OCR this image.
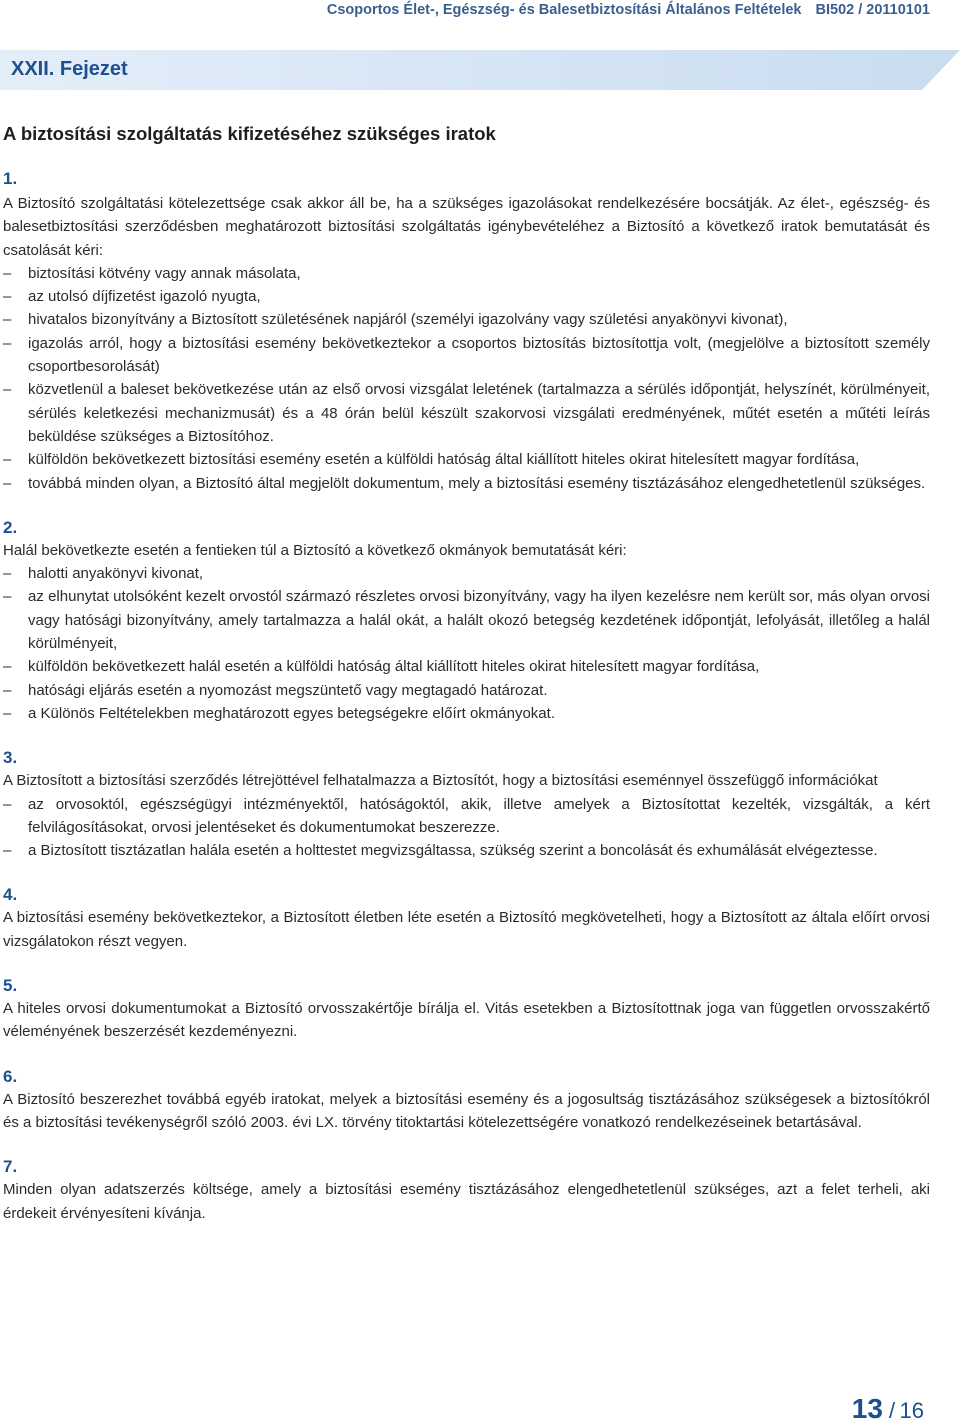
Csoportos Élet-, Egészség- és Balesetbiztosítási Általános Feltételek BI502 / 20110101
XXII. Fejezet
A biztosítási szolgáltatás kifizetéséhez szükséges iratok
1.

A Biztosító szolgáltatási kötelezettsége csak akkor áll be, ha a szükséges igazolásokat rendelkezésére bocsátják. Az élet-, egészség- és balesetbiztosítási szerződésben meghatározott biztosítási szolgáltatás igénybevételéhez a Biztosító a következő iratok bemutatását és csatolását kéri:

– biztosítási kötvény vagy annak másolata,
– az utolsó díjfizetést igazoló nyugta,
– hivatalos bizonyítvány a Biztosított születésének napjáról (személyi igazolvány vagy születési anyakönyvi kivonat),
– igazolás arról, hogy a biztosítási esemény bekövetkeztekor a csoportos biztosítás biztosítottja volt, (megjelölve a biztosított személy csoportbesorolását)
– közvetlenül a baleset bekövetkezése után az első orvosi vizsgálat leletének (tartalmazza a sérülés időpontját, helyszínét, körülményeit, sérülés keletkezési mechanizmusát) és a 48 órán belül készült szakorvosi vizsgálati eredményének, műtét esetén a műtéti leírás beküldése szükséges a Biztosítóhoz.
– külföldön bekövetkezett biztosítási esemény esetén a külföldi hatóság által kiállított hiteles okirat hitelesített magyar fordítása,
– továbbá minden olyan, a Biztosító által megjelölt dokumentum, mely a biztosítási esemény tisztázásához elengedhetetlenül szükséges.
2.

Halál bekövetkezte esetén a fentieken túl a Biztosító a következő okmányok bemutatását kéri:

– halotti anyakönyvi kivonat,
– az elhunytat utolsóként kezelt orvostól származó részletes orvosi bizonyítvány, vagy ha ilyen kezelésre nem került sor, más olyan orvosi vagy hatósági bizonyítvány, amely tartalmazza a halál okát, a halált okozó betegség kezdetének időpontját, lefolyását, illetőleg a halál körülményeit,
– külföldön bekövetkezett halál esetén a külföldi hatóság által kiállított hiteles okirat hitelesített magyar fordítása,
– hatósági eljárás esetén a nyomozást megszüntető vagy megtagadó határozat.
– a Különös Feltételekben meghatározott egyes betegségekre előírt okmányokat.
3.

A Biztosított a biztosítási szerződés létrejöttével felhatalmazza a Biztosítót, hogy a biztosítási eseménnyel összefüggő információkat

– az orvosoktól, egészségügyi intézményektől, hatóságoktól, akik, illetve amelyek a Biztosítottat kezelték, vizsgálták, a kért felvilágosításokat, orvosi jelentéseket és dokumentumokat beszerezze.
– a Biztosított tisztázatlan halála esetén a holttestet megvizsgáltassa, szükség szerint a boncolását és exhumálását elvégeztesse.
4.

A biztosítási esemény bekövetkeztekor, a Biztosított életben léte esetén a Biztosító megkövetelheti, hogy a Biztosított az általa előírt orvosi vizsgálatokon részt vegyen.

5.

A hiteles orvosi dokumentumokat a Biztosító orvosszakértője bírálja el. Vitás esetekben a Biztosítottnak joga van független orvosszakértő véleményének beszerzését kezdeményezni.

6.

A Biztosító beszerezhet továbbá egyéb iratokat, melyek a biztosítási esemény és a jogosultság tisztázásához szükségesek a biztosítókról és a biztosítási tevékenységről szóló 2003. évi LX. törvény titoktartási kötelezettségére vonatkozó rendelkezéseinek betartásával.

7.

Minden olyan adatszerzés költsége, amely a biztosítási esemény tisztázásához elengedhetetlenül szükséges, azt a felet terheli, aki érdekeit érvényesíteni kívánja.

13 / 16
